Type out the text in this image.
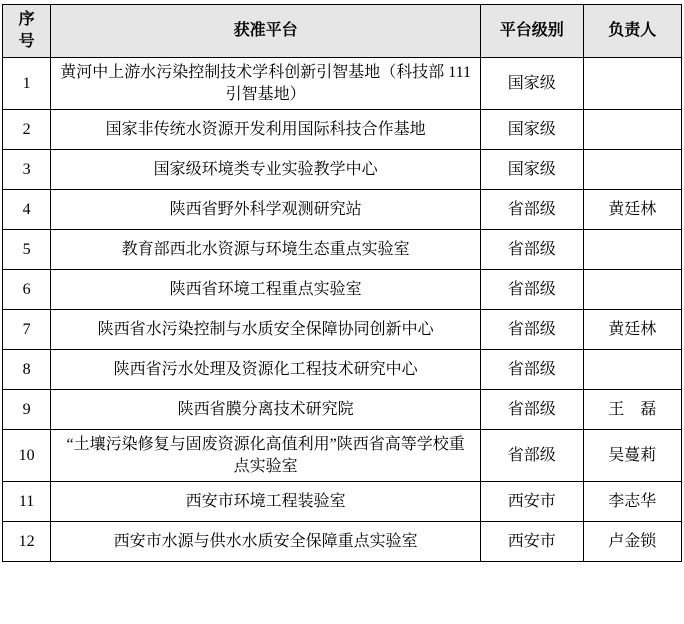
序
号	获准平台	平台级别	负责人
1	黄河中上游水污染控制技术学科创新引智基地（科技部 111 引智基地）	国家级	
2	国家非传统水资源开发利用国际科技合作基地	国家级	
3	国家级环境类专业实验教学中心	国家级	
4	陕西省野外科学观测研究站	省部级	黄廷林
5	教育部西北水资源与环境生态重点实验室	省部级	
6	陕西省环境工程重点实验室	省部级	
7	陕西省水污染控制与水质安全保障协同创新中心	省部级	黄廷林
8	陕西省污水处理及资源化工程技术研究中心	省部级	
9	陕西省膜分离技术研究院	省部级	王　磊
10	“土壤污染修复与固废资源化高值利用”陕西省高等学校重点实验室	省部级	吴蔓莉
11	西安市环境工程装验室	西安市	李志华
12	西安市水源与供水水质安全保障重点实验室	西安市	卢金锁
